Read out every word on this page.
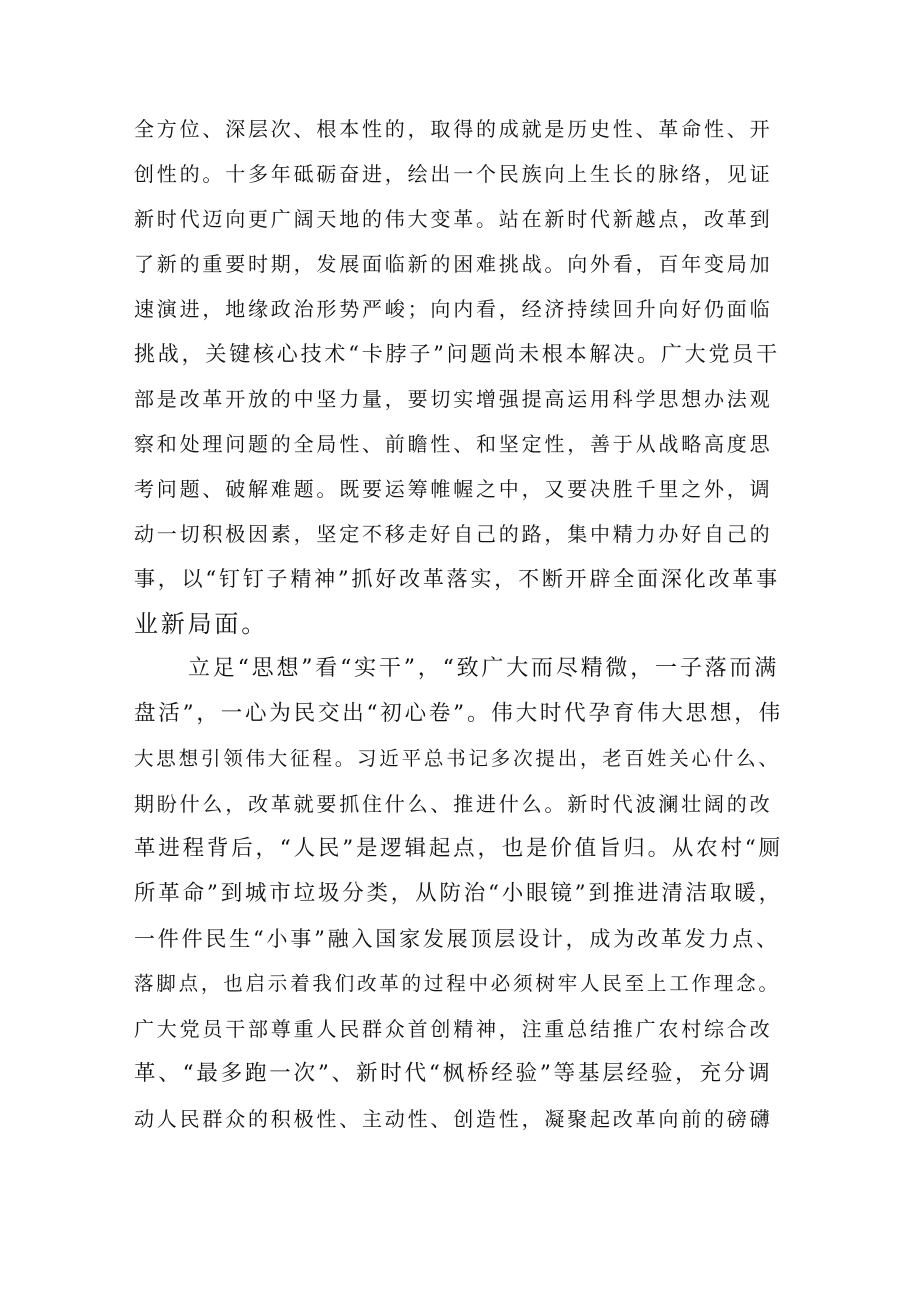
全方位、深层次、根本性的，取得的成就是历史性、革命性、开
创性的。十多年砥砺奋进，绘出一个民族向上生长的脉络，见证
新时代迈向更广阔天地的伟大变革。站在新时代新越点，改革到
了新的重要时期，发展面临新的困难挑战。向外看，百年变局加
速演进，地缘政治形势严峻；向内看，经济持续回升向好仍面临
挑战，关键核心技术“卡脖子”问题尚未根本解决。广大党员干
部是改革开放的中坚力量，要切实增强提高运用科学思想办法观
察和处理问题的全局性、前瞻性、和坚定性，善于从战略高度思
考问题、破解难题。既要运筹帷幄之中，又要决胜千里之外，调
动一切积极因素，坚定不移走好自己的路，集中精力办好自己的
事，以“钉钉子精神”抓好改革落实，不断开辟全面深化改革事
业新局面。
立足“思想”看“实干”，“致广大而尽精微，一子落而满
盘活”，一心为民交出“初心卷”。伟大时代孕育伟大思想，伟
大思想引领伟大征程。习近平总书记多次提出，老百姓关心什么、
期盼什么，改革就要抓住什么、推进什么。新时代波澜壮阔的改
革进程背后，“人民”是逻辑起点，也是价值旨归。从农村“厕
所革命”到城市垃圾分类，从防治“小眼镜”到推进清洁取暖，
一件件民生“小事”融入国家发展顶层设计，成为改革发力点、
落脚点，也启示着我们改革的过程中必须树牢人民至上工作理念。
广大党员干部尊重人民群众首创精神，注重总结推广农村综合改
革、“最多跑一次”、新时代“枫桥经验”等基层经验，充分调
动人民群众的积极性、主动性、创造性，凝聚起改革向前的磅礴
